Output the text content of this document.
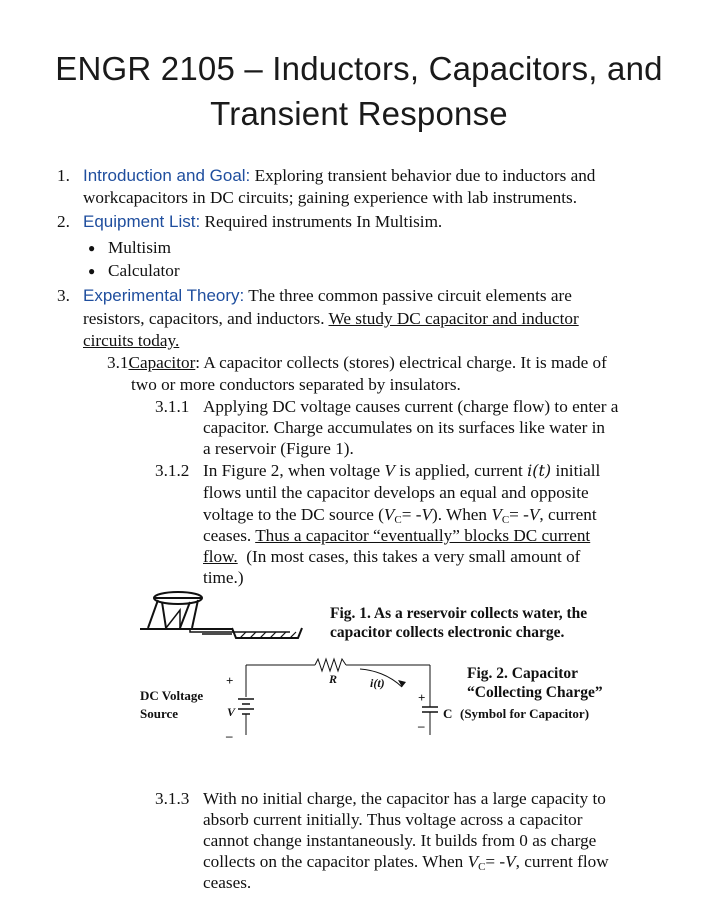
ENGR 2105 – Inductors, Capacitors, and
Transient Response
1. Introduction and Goal: Exploring transient behavior due to inductors and
workcapacitors in DC circuits; gaining experience with lab instruments.
2. Equipment List: Required instruments In Multisim.
● Multisim
● Calculator
3. Experimental Theory: The three common passive circuit elements are
resistors, capacitors, and inductors. We study DC capacitor and inductor
circuits today.
3.1Capacitor: A capacitor collects (stores) electrical charge. It is made of
two or more conductors separated by insulators.
3.1.1 Applying DC voltage causes current (charge flow) to enter a
capacitor. Charge accumulates on its surfaces like water in
a reservoir (Figure 1).
3.1.2 In Figure 2, when voltage V is applied, current i(t) initiall
flows until the capacitor develops an equal and opposite
voltage to the DC source $(V_C= -V)$. When $V_C= -V$, current
ceases. Thus a capacitor “eventually” blocks DC current
flow.  (In most cases, this takes a very small amount of
time.)
Fig. 1. As a reservoir collects water, the
capacitor collects electronic charge.
+
–
+
–
R	i(t)
V
DC Voltage
Source	C (Symbol for Capacitor)
Fig. 2. Capacitor
“Collecting Charge”
3.1.3 With no initial charge, the capacitor has a large capacity to
absorb current initially. Thus voltage across a capacitor
cannot change instantaneously. It builds from 0 as charge
collects on the capacitor plates. When $V_C= -V$, current flow
ceases.
